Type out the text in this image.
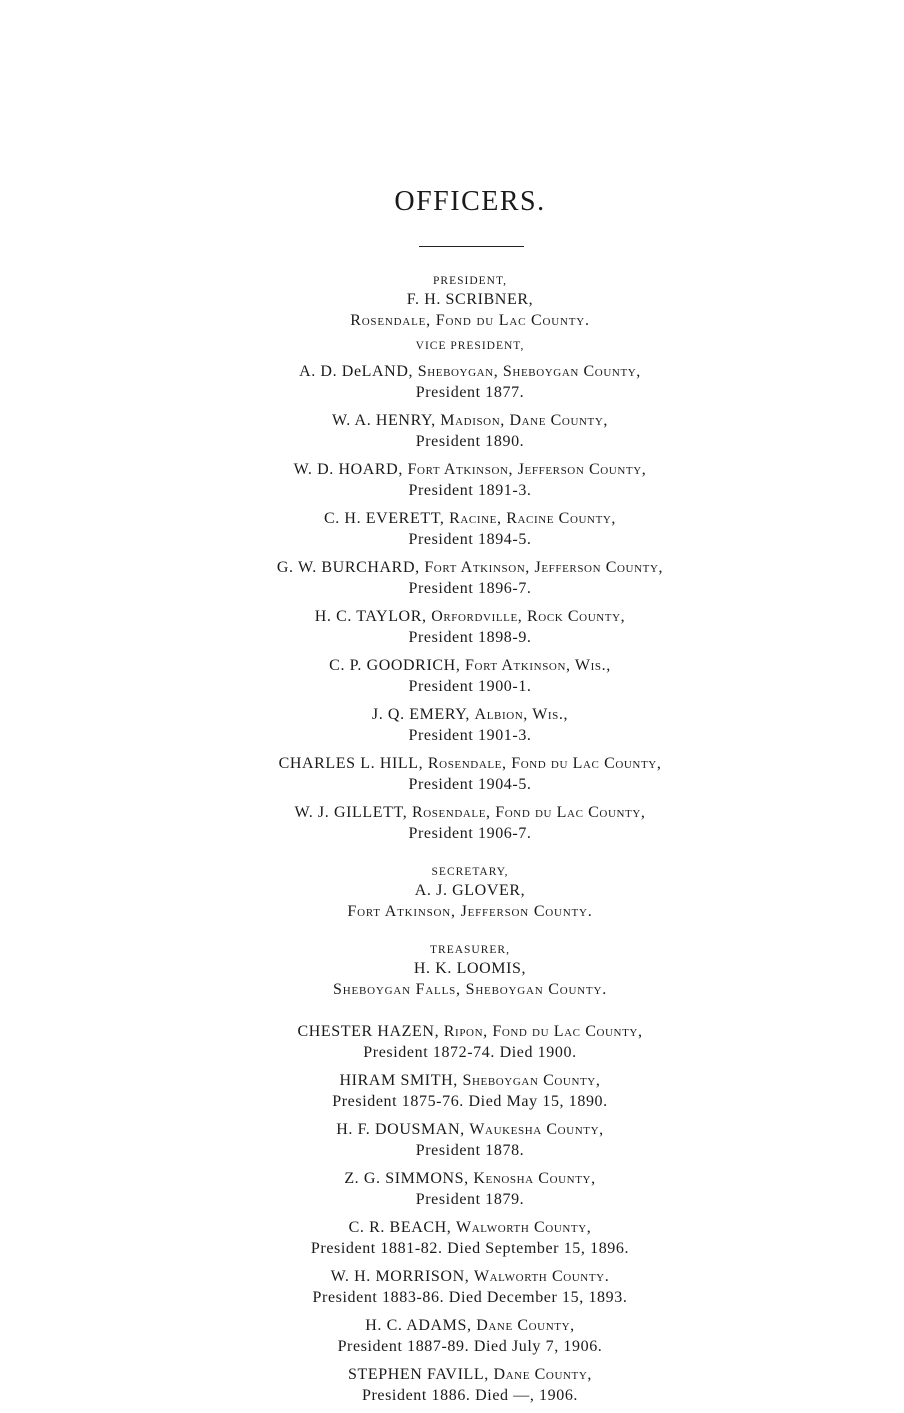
OFFICERS.
PRESIDENT,
F. H. SCRIBNER,
Rosendale, Fond du Lac County.
VICE PRESIDENT,
A. D. DeLAND, Sheboygan, Sheboygan County,
President 1877.
W. A. HENRY, Madison, Dane County,
President 1890.
W. D. HOARD, Fort Atkinson, Jefferson County,
President 1891-3.
C. H. EVERETT, Racine, Racine County,
President 1894-5.
G. W. BURCHARD, Fort Atkinson, Jefferson County,
President 1896-7.
H. C. TAYLOR, Orfordville, Rock County,
President 1898-9.
C. P. GOODRICH, Fort Atkinson, Wis.,
President 1900-1.
J. Q. EMERY, Albion, Wis.,
President 1901-3.
CHARLES L. HILL, Rosendale, Fond du Lac County,
President 1904-5.
W. J. GILLETT, Rosendale, Fond du Lac County,
President 1906-7.
SECRETARY,
A. J. GLOVER,
Fort Atkinson, Jefferson County.
TREASURER,
H. K. LOOMIS,
Sheboygan Falls, Sheboygan County.
CHESTER HAZEN, Ripon, Fond du Lac County,
President 1872-74. Died 1900.
HIRAM SMITH, Sheboygan County,
President 1875-76. Died May 15, 1890.
H. F. DOUSMAN, Waukesha County,
President 1878.
Z. G. SIMMONS, Kenosha County,
President 1879.
C. R. BEACH, Walworth County,
President 1881-82. Died September 15, 1896.
W. H. MORRISON, Walworth County.
President 1883-86. Died December 15, 1893.
H. C. ADAMS, Dane County,
President 1887-89. Died July 7, 1906.
STEPHEN FAVILL, Dane County,
President 1886. Died —, 1906.
